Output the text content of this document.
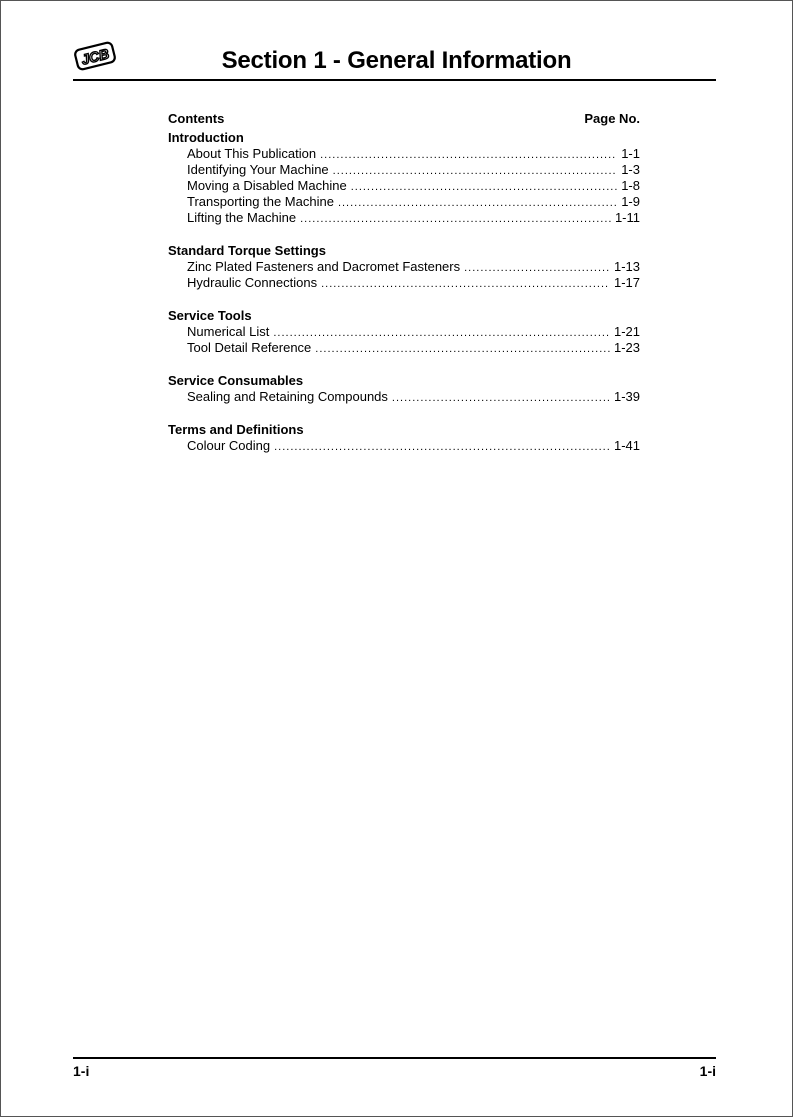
JCB	Section 1 - General Information
Contents	Page No.
Introduction
About This Publication .....	1-1
Identifying Your Machine .....	1-3
Moving a Disabled Machine .....	1-8
Transporting the Machine .....	1-9
Lifting the Machine .....	1-11
Standard Torque Settings
Zinc Plated Fasteners and Dacromet Fasteners .....	1-13
Hydraulic Connections .....	1-17
Service Tools
Numerical List .....	1-21
Tool Detail Reference .....	1-23
Service Consumables
Sealing and Retaining Compounds .....	1-39
Terms and Definitions
Colour Coding .....	1-41
1-i	1-i
